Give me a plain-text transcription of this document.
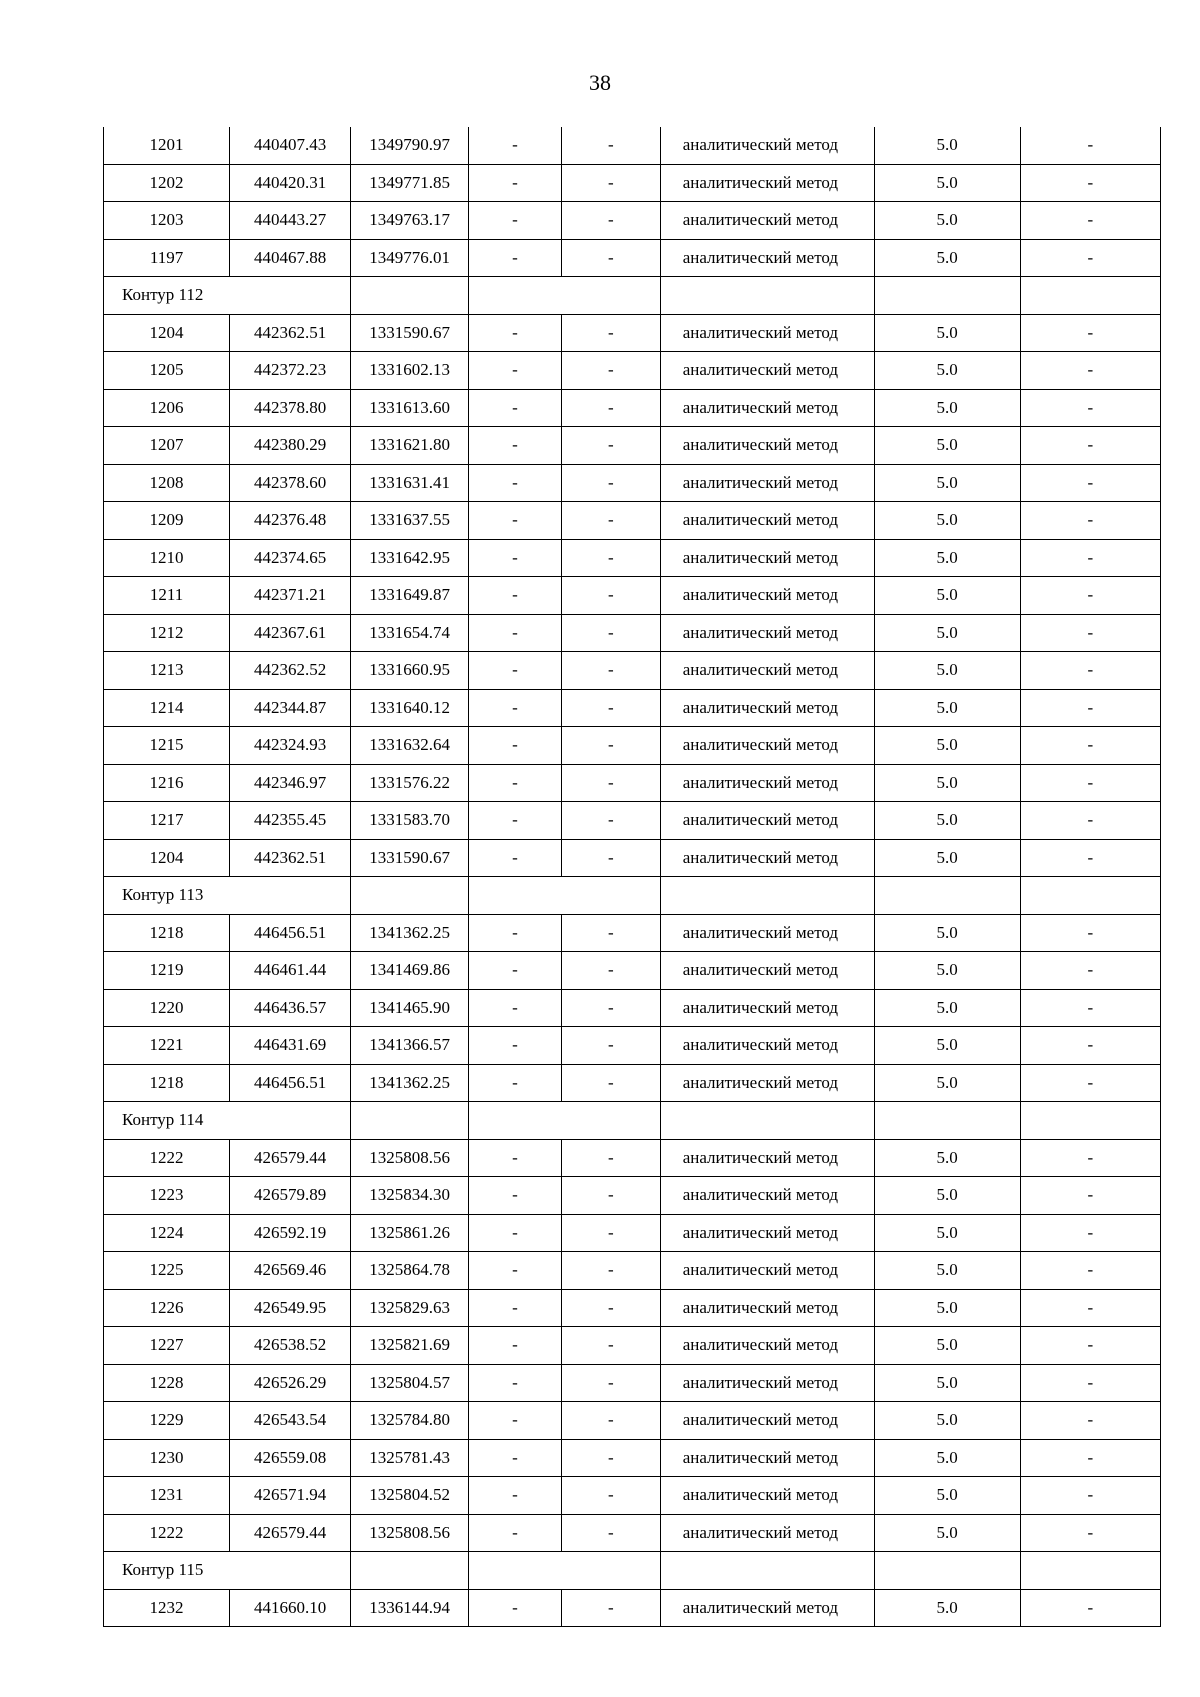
38
1201	440407.43	1349790.97	-	-	аналитический метод	5.0	-
1202	440420.31	1349771.85	-	-	аналитический метод	5.0	-
1203	440443.27	1349763.17	-	-	аналитический метод	5.0	-
1197	440467.88	1349776.01	-	-	аналитический метод	5.0	-
Контур 112							
1204	442362.51	1331590.67	-	-	аналитический метод	5.0	-
1205	442372.23	1331602.13	-	-	аналитический метод	5.0	-
1206	442378.80	1331613.60	-	-	аналитический метод	5.0	-
1207	442380.29	1331621.80	-	-	аналитический метод	5.0	-
1208	442378.60	1331631.41	-	-	аналитический метод	5.0	-
1209	442376.48	1331637.55	-	-	аналитический метод	5.0	-
1210	442374.65	1331642.95	-	-	аналитический метод	5.0	-
1211	442371.21	1331649.87	-	-	аналитический метод	5.0	-
1212	442367.61	1331654.74	-	-	аналитический метод	5.0	-
1213	442362.52	1331660.95	-	-	аналитический метод	5.0	-
1214	442344.87	1331640.12	-	-	аналитический метод	5.0	-
1215	442324.93	1331632.64	-	-	аналитический метод	5.0	-
1216	442346.97	1331576.22	-	-	аналитический метод	5.0	-
1217	442355.45	1331583.70	-	-	аналитический метод	5.0	-
1204	442362.51	1331590.67	-	-	аналитический метод	5.0	-
Контур 113							
1218	446456.51	1341362.25	-	-	аналитический метод	5.0	-
1219	446461.44	1341469.86	-	-	аналитический метод	5.0	-
1220	446436.57	1341465.90	-	-	аналитический метод	5.0	-
1221	446431.69	1341366.57	-	-	аналитический метод	5.0	-
1218	446456.51	1341362.25	-	-	аналитический метод	5.0	-
Контур 114							
1222	426579.44	1325808.56	-	-	аналитический метод	5.0	-
1223	426579.89	1325834.30	-	-	аналитический метод	5.0	-
1224	426592.19	1325861.26	-	-	аналитический метод	5.0	-
1225	426569.46	1325864.78	-	-	аналитический метод	5.0	-
1226	426549.95	1325829.63	-	-	аналитический метод	5.0	-
1227	426538.52	1325821.69	-	-	аналитический метод	5.0	-
1228	426526.29	1325804.57	-	-	аналитический метод	5.0	-
1229	426543.54	1325784.80	-	-	аналитический метод	5.0	-
1230	426559.08	1325781.43	-	-	аналитический метод	5.0	-
1231	426571.94	1325804.52	-	-	аналитический метод	5.0	-
1222	426579.44	1325808.56	-	-	аналитический метод	5.0	-
Контур 115							
1232	441660.10	1336144.94	-	-	аналитический метод	5.0	-
